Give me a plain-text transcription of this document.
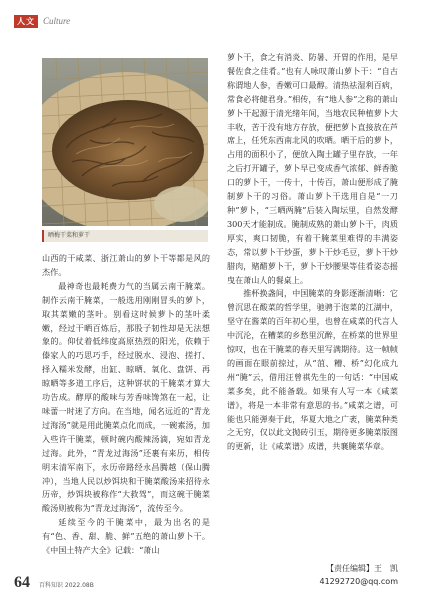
人文 Culture
晒梅干菜和萝干

山西的干咸菜、浙江萧山的萝卜干等都是风的杰作。

最神奇也最耗费力气的当属云南干腌菜。制作云南干腌菜，一般选用刚刚冒头的萝卜，取其菜嫩的茎叶。别看这时候萝卜的茎叶柔嫩，经过干晒百炼后，那股子韧性却是无法想象的。仰仗着低纬度高原热烈的阳光，依赖于傣家人的巧思巧手，经过脱水、浸泡、搓打、择入糯米发酵，出缸、晾晒、氧化、盘饼、再晾晒等多道工序后，这种饼状的干腌菜才算大功告成。酵厚的酸味与芳香味馋煞在一起，让味蕾一时迷了方向。在当地，闻名远近的“青龙过海汤”就是用此腌菜点化而成，一碗素汤，加入些许干腌菜，顿时碗内酸辣汤滴，宛如青龙过海。此外，“青龙过海汤”还裹有来历，相传明末清军南下，永历帝路经永昌腾越（保山腾冲），当地人民以炒饵块和干腌菜酸汤来招待永历帝，炒饵块被称作“大救驾”，而这碗干腌菜酸汤则被称为“青龙过海汤”，流传至今。

延续至今的干腌菜中，最为出名的是有“色、香、甜、脆、鲜”五绝的萧山萝卜干。《中国土特产大全》记载：“萧山

萝卜干，食之有消炎、防暑、开胃的作用，是早餐佐食之佳肴。”也有人咏叹萧山萝卜干：“自古称谓地人参，香嫩可口最醇。清热祛湿利百病，常食必将健君身。”相传，有“地人参”之称的萧山萝卜干起源于清光绪年间，当地农民种植萝卜大丰收，苦于没有地方存放，便把萝卜直接放在芦席上，任凭东西南北风的吹晒。晒干后的萝卜，占用的面积小了，便放入陶土罐子里存放，一年之后打开罐子，萝卜早已变成香气浓郁、鲜香脆口的萝卜干，一传十，十传百，萧山便形成了腌制萝卜干的习俗。萧山萝卜干选用自是“一刀种”萝卜，“三晒两腌”后装入陶坛里，自然发酵300天才能制成。腌制成熟的萧山萝卜干，肉质厚实，爽口韧脆，有着干腌菜里难得的丰满姿态，常以萝卜干炒蛋，萝卜干炒毛豆，萝卜干炒腊肉，赌醋萝卜干，萝卜干炒腰果等佳肴姿态摇曳在萧山人的餐桌上。

推杯换盏间，中国腌菜的身影逐渐清晰：它曾沉思在酸菜的哲学里，驰骋于泡菜的江湖中，坚守在酱菜的百年初心里，也曾在咸菜的代言人中沉沦，在糟菜的乡愁里沉醉，在桥菜的世界里惊叹，也在干腌菜的春天里写满期待。这一帧帧的画面在眼前掠过，从“菹、糟、桥”幻化成九州“腌”云，借用汪曾祺先生的一句话：“中国咸菜多矣，此不能备载。如果有人写一本《咸菜谱》，将是一本非常有意思的书。”咸菜之谱，可能也只能弹奏于此，华夏大地之广袤，腌菜种类之无穷，仅以此文抛砖引玉，期待更多腌菜版图的更新，让《咸菜谱》成谱，共襄腌菜华章。

【责任编辑】王　凯
41292720@qq.com
64 百科知识 2022.08B
